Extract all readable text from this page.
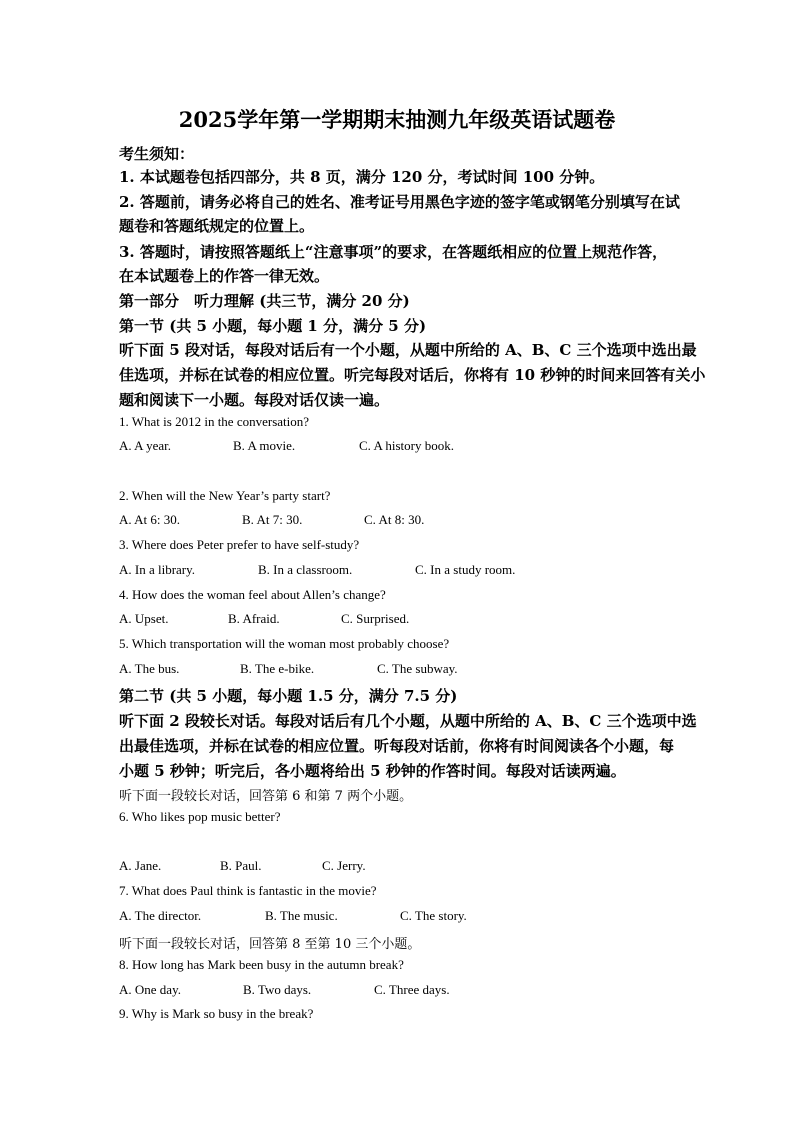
2025学年第一学期期末抽测九年级英语试题卷
考生须知：
1. 本试题卷包括四部分，共 8 页，满分 120 分，考试时间 100 分钟。
2. 答题前，请务必将自己的姓名、准考证号用黑色字迹的签字笔或钢笔分别填写在试
题卷和答题纸规定的位置上。
3. 答题时，请按照答题纸上“注意事项”的要求，在答题纸相应的位置上规范作答，
在本试题卷上的作答一律无效。
第一部分　听力理解 (共三节，满分 20 分)
第一节 (共 5 小题，每小题 1 分，满分 5 分)
听下面 5 段对话，每段对话后有一个小题，从题中所给的 A、B、C 三个选项中选出最
佳选项，并标在试卷的相应位置。听完每段对话后，你将有 10 秒钟的时间来回答有关小
题和阅读下一小题。每段对话仅读一遍。
1. What is 2012 in the conversation?
A. A year.	B. A movie.	C. A history book.
2. When will the New Year’s party start?
A. At 6: 30.	B. At 7: 30.	C. At 8: 30.
3. Where does Peter prefer to have self-study?
A. In a library.	B. In a classroom.	C. In a study room.
4. How does the woman feel about Allen’s change?
A. Upset.	B. Afraid.	C. Surprised.
5. Which transportation will the woman most probably choose?
A. The bus.	B. The e-bike.	C. The subway.
第二节 (共 5 小题，每小题 1.5 分，满分 7.5 分)
听下面 2 段较长对话。每段对话后有几个小题，从题中所给的 A、B、C 三个选项中选
出最佳选项，并标在试卷的相应位置。听每段对话前，你将有时间阅读各个小题，每
小题 5 秒钟；听完后，各小题将给出 5 秒钟的作答时间。每段对话读两遍。
听下面一段较长对话，回答第 6 和第 7 两个小题。
6. Who likes pop music better?
A. Jane.	B. Paul.	C. Jerry.
7. What does Paul think is fantastic in the movie?
A. The director.	B. The music.	C. The story.
听下面一段较长对话，回答第 8 至第 10 三个小题。
8. How long has Mark been busy in the autumn break?
A. One day.	B. Two days.	C. Three days.
9. Why is Mark so busy in the break?
